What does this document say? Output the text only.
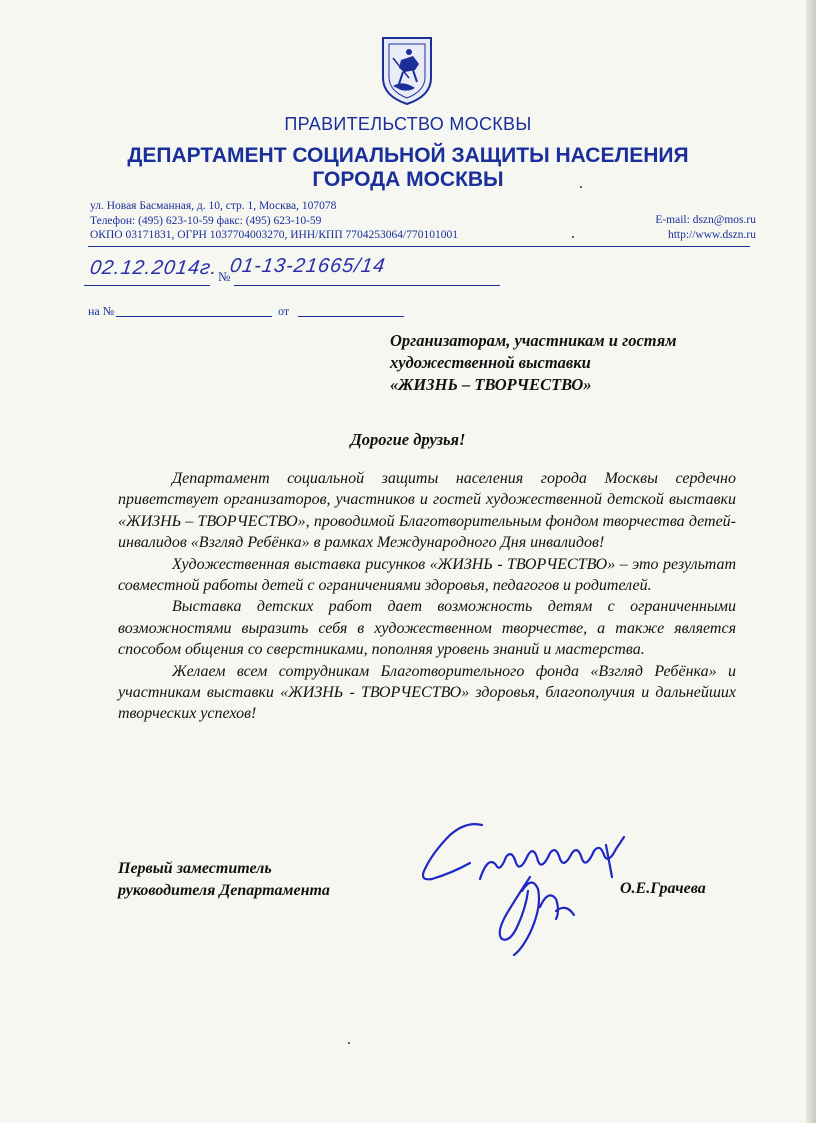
ПРАВИТЕЛЬСТВО МОСКВЫ
ДЕПАРТАМЕНТ СОЦИАЛЬНОЙ ЗАЩИТЫ НАСЕЛЕНИЯ
ГОРОДА МОСКВЫ
ул. Новая Басманная, д. 10, стр. 1, Москва, 107078
Телефон: (495) 623-10-59 факс: (495) 623-10-59
ОКПО 03171831, ОГРН 1037704003270, ИНН/КПП 7704253064/770101001
E-mail: dszn@mos.ru
http://www.dszn.ru
02.12.2014г.
№
01-13-21665/14
на №	от
Организаторам, участникам и гостям
художественной выставки
«ЖИЗНЬ – ТВОРЧЕСТВО»
Дорогие друзья!

Департамент социальной защиты населения города Москвы сердечно приветствует организаторов, участников и гостей художественной детской выставки «ЖИЗНЬ – ТВОРЧЕСТВО», проводимой Благотворительным фондом творчества детей-инвалидов «Взгляд Ребёнка» в рамках Международного Дня инвалидов!

Художественная выставка рисунков «ЖИЗНЬ - ТВОРЧЕСТВО» – это результат совместной работы детей с ограничениями здоровья, педагогов и родителей.

Выставка детских работ дает возможность детям с ограниченными возможностями выразить себя в художественном творчестве, а также является способом общения со сверстниками, пополняя уровень знаний и мастерства.

Желаем всем сотрудникам Благотворительного фонда «Взгляд Ребёнка» и участникам выставки «ЖИЗНЬ - ТВОРЧЕСТВО» здоровья, благополучия и дальнейших творческих успехов!

Первый заместитель
руководителя Департамента	О.Е.Грачева
